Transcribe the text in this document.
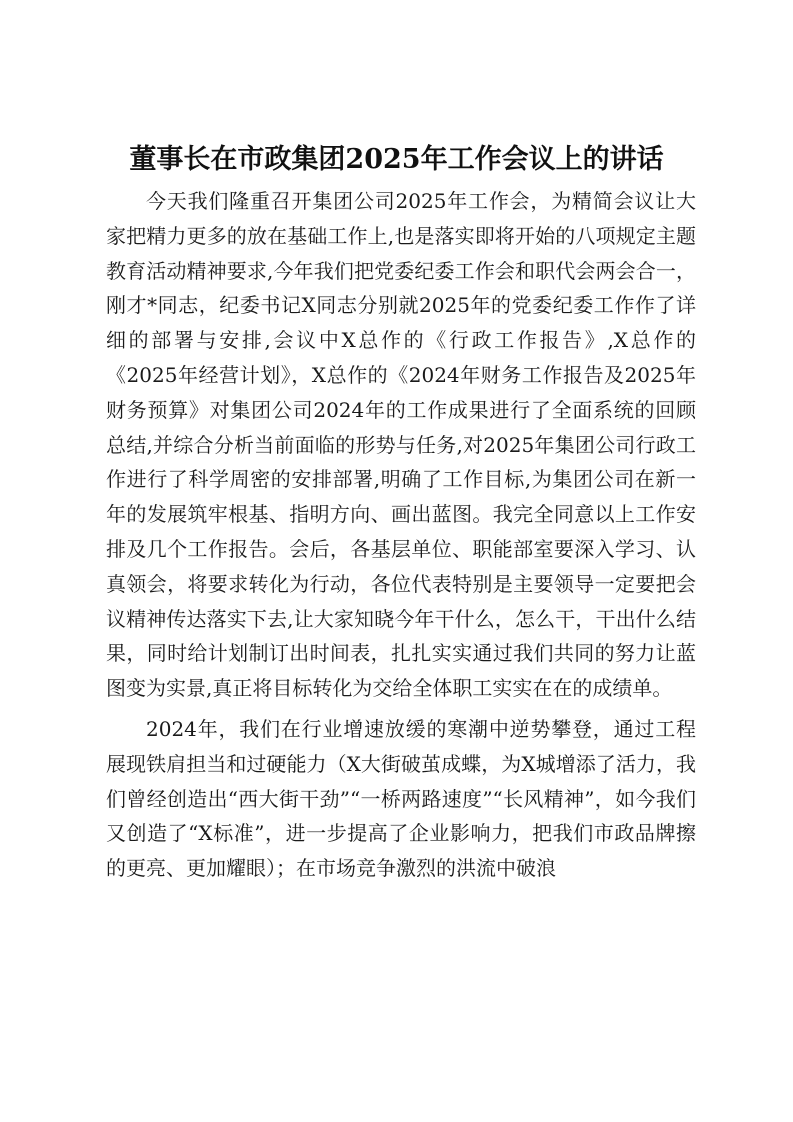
董事长在市政集团2025年工作会议上的讲话

今天我们隆重召开集团公司2025年工作会，为精简会议让大家把精力更多的放在基础工作上,也是落实即将开始的八项规定主题教育活动精神要求,今年我们把党委纪委工作会和职代会两会合一，刚才*同志，纪委书记X同志分别就2025年的党委纪委工作作了详细的部署与安排,会议中X总作的《行政工作报告》,X总作的《2025年经营计划》，X总作的《2024年财务工作报告及2025年财务预算》对集团公司2024年的工作成果进行了全面系统的回顾总结,并综合分析当前面临的形势与任务,对2025年集团公司行政工作进行了科学周密的安排部署,明确了工作目标,为集团公司在新一年的发展筑牢根基、指明方向、画出蓝图。我完全同意以上工作安排及几个工作报告。会后，各基层单位、职能部室要深入学习、认真领会，将要求转化为行动，各位代表特别是主要领导一定要把会议精神传达落实下去,让大家知晓今年干什么，怎么干，干出什么结果，同时给计划制订出时间表，扎扎实实通过我们共同的努力让蓝图变为实景,真正将目标转化为交给全体职工实实在在的成绩单。

2024年，我们在行业增速放缓的寒潮中逆势攀登，通过工程展现铁肩担当和过硬能力（X大街破茧成蝶，为X城增添了活力，我们曾经创造出“西大街干劲”“一桥两路速度”“长风精神”，如今我们又创造了“X标准”，进一步提高了企业影响力，把我们市政品牌擦的更亮、更加耀眼）；在市场竞争激烈的洪流中破浪
